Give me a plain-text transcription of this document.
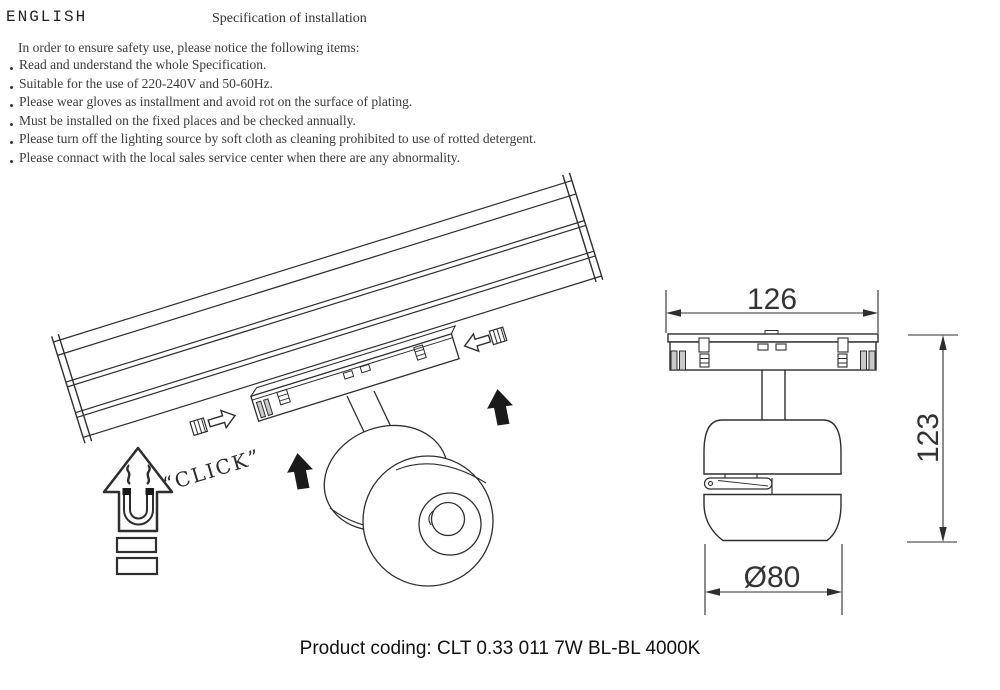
ENGLISH	Specification of installation
In order to ensure safety use, please notice the following items:
Read and understand the whole Specification.
Suitable for the use of 220-240V and 50-60Hz.
Please wear gloves as installment and avoid rot on the surface of plating.
Must be installed on the fixed places and be checked annually.
Please turn off the lighting source by soft cloth as cleaning prohibited to use of rotted detergent.
Please connact with the local sales service center when there are any abnormality.
“CLICK”
126
123
Ø80
Product coding: CLT 0.33 011 7W BL-BL 4000K
